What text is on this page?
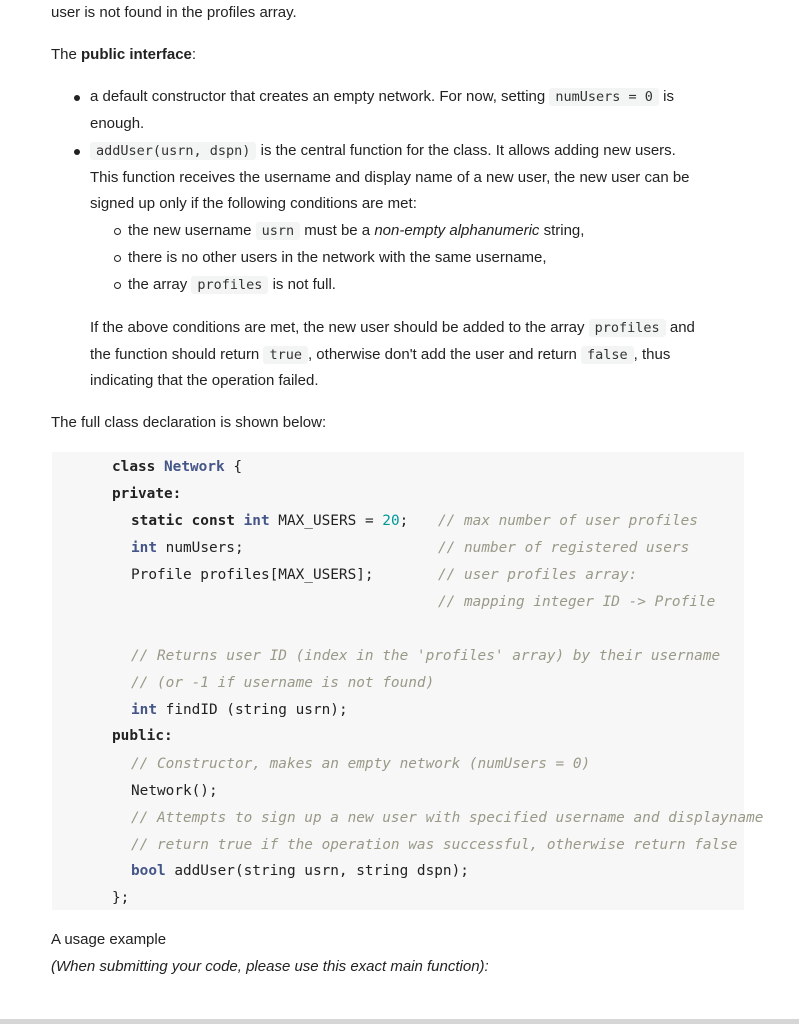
user is not found in the profiles array.
The public interface:
a default constructor that creates an empty network. For now, setting numUsers = 0 is
enough.
addUser(usrn, dspn) is the central function for the class. It allows adding new users.
This function receives the username and display name of a new user, the new user can be
signed up only if the following conditions are met:
the new username usrn must be a non-empty alphanumeric string,
there is no other users in the network with the same username,
the array profiles is not full.
If the above conditions are met, the new user should be added to the array profiles and
the function should return true , otherwise don't add the user and return false , thus
indicating that the operation failed.
The full class declaration is shown below:
class Network {
private:
static const int MAX_USERS = 20; // max number of user profiles
int numUsers;	// number of registered users
Profile profiles[MAX_USERS];	// user profiles array:
// mapping integer ID -> Profile
// Returns user ID (index in the 'profiles' array) by their username
// (or -1 if username is not found)
int findID (string usrn);
public:
// Constructor, makes an empty network (numUsers = 0)
Network();
// Attempts to sign up a new user with specified username and displayname
// return true if the operation was successful, otherwise return false
bool addUser(string usrn, string dspn);
};
A usage example
(When submitting your code, please use this exact main function):
